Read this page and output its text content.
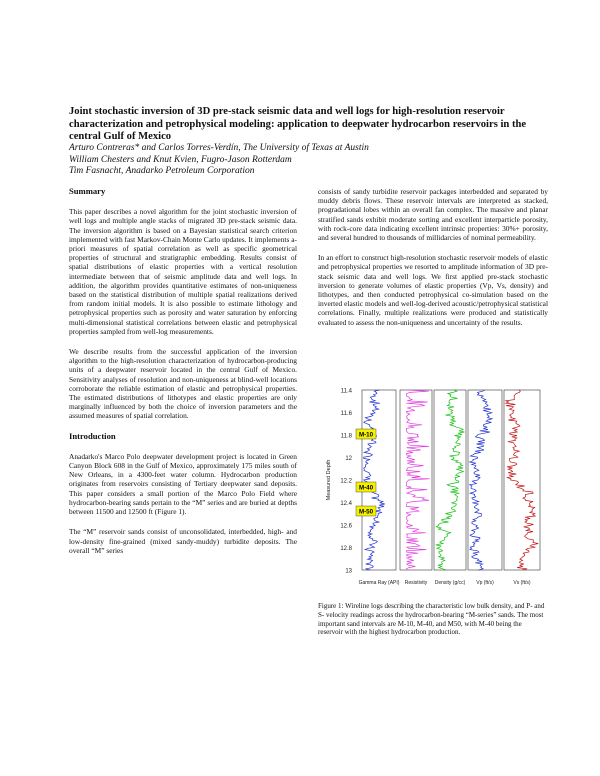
Joint stochastic inversion of 3D pre-stack seismic data and well logs for high-resolution reservoir characterization and petrophysical modeling: application to deepwater hydrocarbon reservoirs in the central Gulf of Mexico
Arturo Contreras* and Carlos Torres-Verdín, The University of Texas at Austin
William Chesters and Knut Kvien, Fugro-Jason Rotterdam
Tim Fasnacht, Anadarko Petroleum Corporation
Summary

This paper describes a novel algorithm for the joint stochastic inversion of well logs and multiple angle stacks of migrated 3D pre-stack seismic data. The inversion algorithm is based on a Bayesian statistical search criterion implemented with fast Markov-Chain Monte Carlo updates. It implements a-priori measures of spatial correlation as well as specific geometrical properties of structural and stratigraphic embedding. Results consist of spatial distributions of elastic properties with a vertical resolution intermediate between that of seismic amplitude data and well logs. In addition, the algorithm provides quantitative estimates of non-uniqueness based on the statistical distribution of multiple spatial realizations derived from random initial models. It is also possible to estimate lithology and petrophysical properties such as porosity and water saturation by enforcing multi-dimensional statistical correlations between elastic and petrophysical properties sampled from well-log measurements.

We describe results from the successful application of the inversion algorithm to the high-resolution characterization of hydrocarbon-producing units of a deepwater reservoir located in the central Gulf of Mexico. Sensitivity analyses of resolution and non-uniqueness at blind-well locations corroborate the reliable estimation of elastic and petrophysical properties. The estimated distributions of lithotypes and elastic properties are only marginally influenced by both the choice of inversion parameters and the assumed measures of spatial correlation.

Introduction

Anadarko's Marco Polo deepwater development project is located in Green Canyon Block 608 in the Gulf of Mexico, approximately 175 miles south of New Orleans, in a 4300-feet water column. Hydrocarbon production originates from reservoirs consisting of Tertiary deepwater sand deposits. This paper considers a small portion of the Marco Polo Field where hydrocarbon-bearing sands pertain to the “M” series and are buried at depths between 11500 and 12500 ft (Figure 1).

The “M” reservoir sands consist of unconsolidated, interbedded, high- and low-density fine-grained (mixed sandy-muddy) turbidite deposits. The overall “M” series

consists of sandy turbidite reservoir packages interbedded and separated by muddy debris flows. These reservoir intervals are interpreted as stacked, progradational lobes within an overall fan complex. The massive and planar stratified sands exhibit moderate sorting and excellent interparticle porosity, with rock-core data indicating excellent intrinsic properties: 30%+ porosity, and several hundred to thousands of millidarcies of nominal permeability.

In an effort to construct high-resolution stochastic reservoir models of elastic and petrophysical properties we resorted to amplitude information of 3D pre-stack seismic data and well logs. We first applied pre-stack stochastic inversion to generate volumes of elastic properties (Vp, Vs, density) and lithotypes, and then conducted petrophysical co-simulation based on the inverted elastic models and well-log-derived acoustic/petrophysical statistical correlations. Finally, multiple realizations were produced and statistically evaluated to assess the non-uniqueness and uncertainty of the results.

11.4
11.6
11.8
12
12.2
12.4
12.6
12.8
13
Measured Depth
M-10
M-40
M-50
Gamma Ray (API) Resistivity Density (g/cc) Vp (ft/s)	Vs (ft/s)
Figure 1: Wireline logs describing the characteristic low bulk density, and P- and S- velocity readings across the hydrocarbon-bearing “M-series” sands. The most important sand intervals are M-10, M-40, and M50, with M-40 being the reservoir with the highest hydrocarbon production.
